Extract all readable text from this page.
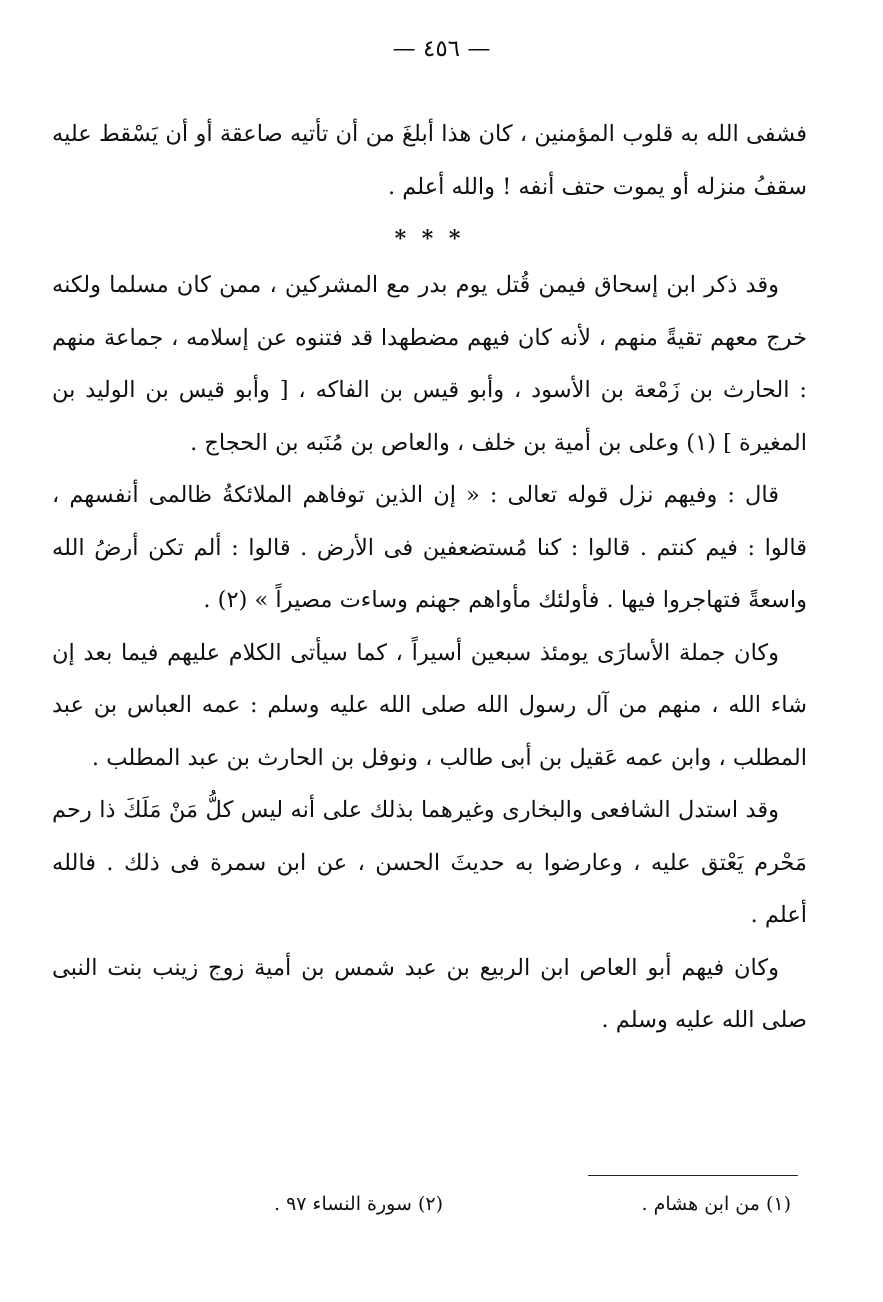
— ٤٥٦ —

فشفى الله به قلوب المؤمنين ، كان هذا أبلغَ من أن تأتيه صاعقة أو أن يَسْقط عليه سقفُ منزله أو يموت حتف أنفه ! والله أعلم .

* * *

وقد ذكر ابن إسحاق فيمن قُتل يوم بدر مع المشركين ، ممن كان مسلما ولكنه خرج معهم تقيةً منهم ، لأنه كان فيهم مضطهدا قد فتنوه عن إسلامه ، جماعة منهم : الحارث بن زَمْعة بن الأسود ، وأبو قيس بن الفاكه ، [ وأبو قيس بن الوليد بن المغيرة ] (١) وعلى بن أمية بن خلف ، والعاص بن مُنَبه بن الحجاج .

قال : وفيهم نزل قوله تعالى : « إن الذين توفاهم الملائكةُ ظالمى أنفسهم ، قالوا : فيم كنتم . قالوا : كنا مُستضعفين فى الأرض . قالوا : ألم تكن أرضُ الله واسعةً فتهاجروا فيها . فأولئك مأواهم جهنم وساءت مصيراً » (٢) .

وكان جملة الأسارَى يومئذ سبعين أسيراً ، كما سيأتى الكلام عليهم فيما بعد إن شاء الله ، منهم من آل رسول الله صلى الله عليه وسلم : عمه العباس بن عبد المطلب ، وابن عمه عَقيل بن أبى طالب ، ونوفل بن الحارث بن عبد المطلب .

وقد استدل الشافعى والبخارى وغيرهما بذلك على أنه ليس كلُّ مَنْ مَلَكَ ذا رحم مَحْرم يَعْتق عليه ، وعارضوا به حديثَ الحسن ، عن ابن سمرة فى ذلك . فالله أعلم .

وكان فيهم أبو العاص ابن الربيع بن عبد شمس بن أمية زوج زينب بنت النبى صلى الله عليه وسلم .

(١) من ابن هشام .
(٢) سورة النساء ٩٧ .
